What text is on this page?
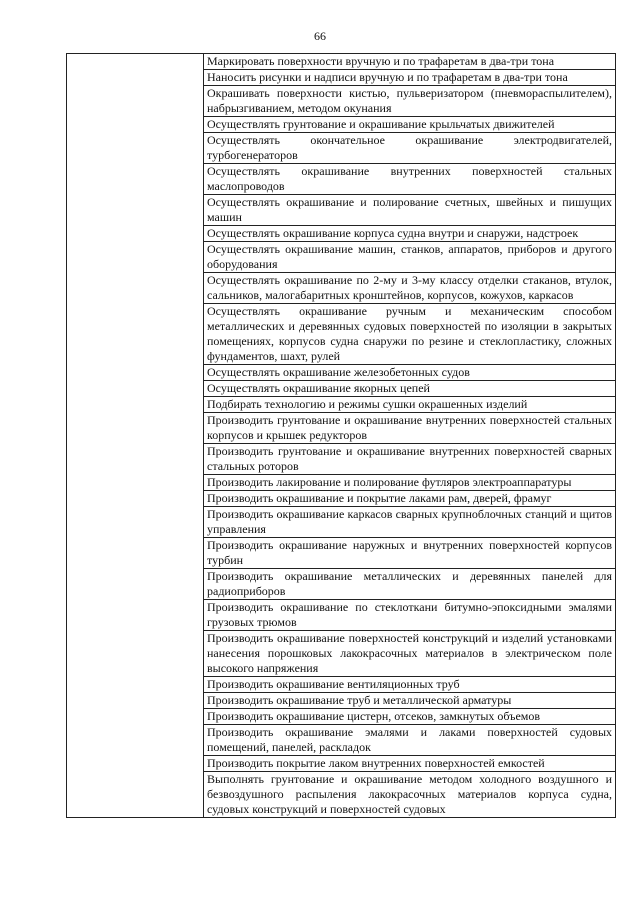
66
	Маркировать поверхности вручную и по трафаретам в два-три тона
Наносить рисунки и надписи вручную и по трафаретам в два-три тона
Окрашивать поверхности кистью, пульверизатором (пневмораспылителем), набрызгиванием, методом окунания
Осуществлять грунтование и окрашивание крыльчатых движителей
Осуществлять окончательное окрашивание электродвигателей, турбогенераторов
Осуществлять окрашивание внутренних поверхностей стальных маслопроводов
Осуществлять окрашивание и полирование счетных, швейных и пишущих машин
Осуществлять окрашивание корпуса судна внутри и снаружи, надстроек
Осуществлять окрашивание машин, станков, аппаратов, приборов и другого оборудования
Осуществлять окрашивание по 2-му и 3-му классу отделки стаканов, втулок, сальников, малогабаритных кронштейнов, корпусов, кожухов, каркасов
Осуществлять окрашивание ручным и механическим способом металлических и деревянных судовых поверхностей по изоляции в закрытых помещениях, корпусов судна снаружи по резине и стеклопластику, сложных фундаментов, шахт, рулей
Осуществлять окрашивание железобетонных судов
Осуществлять окрашивание якорных цепей
Подбирать технологию и режимы сушки окрашенных изделий
Производить грунтование и окрашивание внутренних поверхностей стальных корпусов и крышек редукторов
Производить грунтование и окрашивание внутренних поверхностей сварных стальных роторов
Производить лакирование и полирование футляров электроаппаратуры
Производить окрашивание и покрытие лаками рам, дверей, фрамуг
Производить окрашивание каркасов сварных крупноблочных станций и щитов управления
Производить окрашивание наружных и внутренних поверхностей корпусов турбин
Производить окрашивание металлических и деревянных панелей для радиоприборов
Производить окрашивание по стеклоткани битумно-эпоксидными эмалями грузовых трюмов
Производить окрашивание поверхностей конструкций и изделий установками нанесения порошковых лакокрасочных материалов в электрическом поле высокого напряжения
Производить окрашивание вентиляционных труб
Производить окрашивание труб и металлической арматуры
Производить окрашивание цистерн, отсеков, замкнутых объемов
Производить окрашивание эмалями и лаками поверхностей судовых помещений, панелей, раскладок
Производить покрытие лаком внутренних поверхностей емкостей
Выполнять грунтование и окрашивание методом холодного воздушного и безвоздушного распыления лакокрасочных материалов корпуса судна, судовых конструкций и поверхностей судовых
